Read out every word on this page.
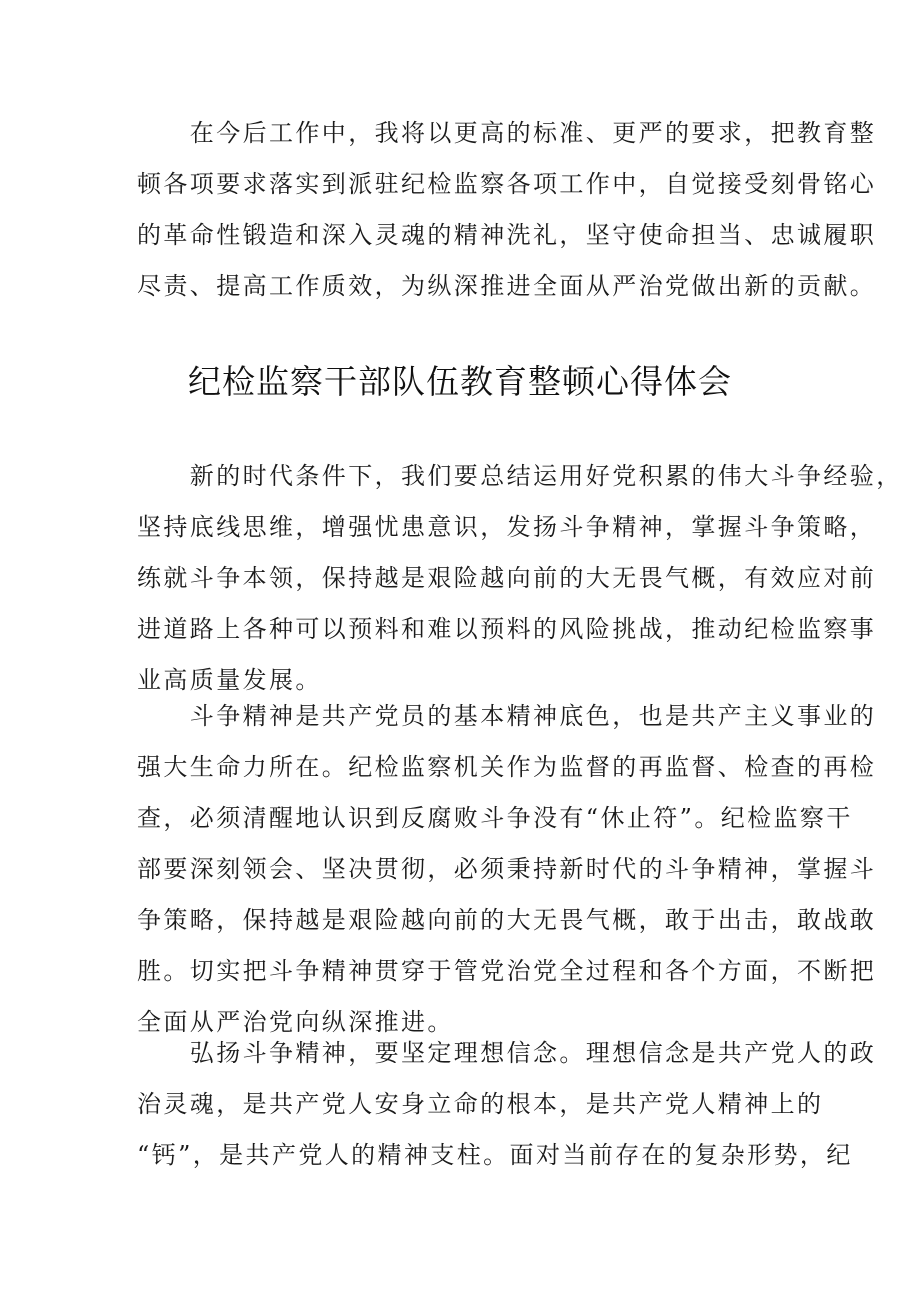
　　在今后工作中，我将以更高的标准、更严的要求，把教育整
顿各项要求落实到派驻纪检监察各项工作中，自觉接受刻骨铭心
的革命性锻造和深入灵魂的精神洗礼，坚守使命担当、忠诚履职
尽责、提高工作质效，为纵深推进全面从严治党做出新的贡献。
纪检监察干部队伍教育整顿心得体会
　　新的时代条件下，我们要总结运用好党积累的伟大斗争经验，
坚持底线思维，增强忧患意识，发扬斗争精神，掌握斗争策略，
练就斗争本领，保持越是艰险越向前的大无畏气概，有效应对前
进道路上各种可以预料和难以预料的风险挑战，推动纪检监察事
业高质量发展。
　　斗争精神是共产党员的基本精神底色，也是共产主义事业的
强大生命力所在。纪检监察机关作为监督的再监督、检查的再检
查，必须清醒地认识到反腐败斗争没有“休止符”。纪检监察干
部要深刻领会、坚决贯彻，必须秉持新时代的斗争精神，掌握斗
争策略，保持越是艰险越向前的大无畏气概，敢于出击，敢战敢
胜。切实把斗争精神贯穿于管党治党全过程和各个方面，不断把
全面从严治党向纵深推进。
　　弘扬斗争精神，要坚定理想信念。理想信念是共产党人的政
治灵魂，是共产党人安身立命的根本，是共产党人精神上的
“钙”，是共产党人的精神支柱。面对当前存在的复杂形势，纪
